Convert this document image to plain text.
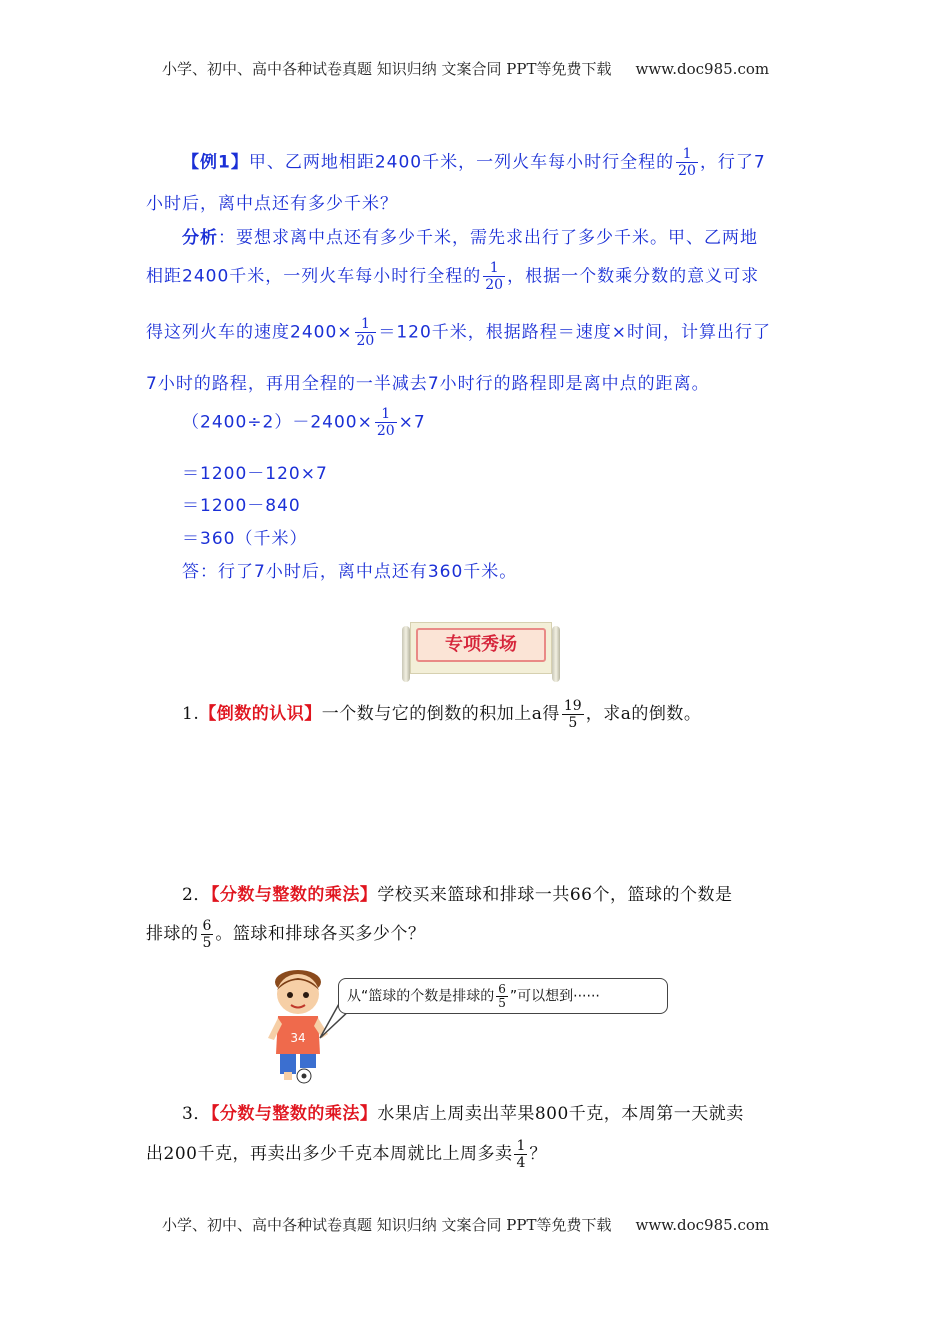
小学、初中、高中各种试卷真题 知识归纳 文案合同 PPT等免费下载 www.doc985.com
【例1】甲、乙两地相距2400千米，一列火车每小时行全程的 $\frac{1}{20}$ ，行了7
小时后，离中点还有多少千米？
分析：要想求离中点还有多少千米，需先求出行了多少千米。甲、乙两地
相距2400千米，一列火车每小时行全程的 $\frac{1}{20}$ ，根据一个数乘分数的意义可求
得这列火车的速度$2400\times \frac{1}{20} =120$千米，根据路程＝速度×时间，计算出行了
7小时的路程，再用全程的一半减去7小时行的路程即是离中点的距离。
$(2400\div 2)-2400\times \frac{1}{20} \times 7$
＝1200－120×7
＝1200－840
＝360（千米）
答：行了7小时后，离中点还有360千米。
专项秀场
1.【倒数的认识】一个数与它的倒数的积加上a得 $\frac{19}{5}$ ，求a的倒数。
2．【分数与整数的乘法】学校买来篮球和排球一共66个，篮球的个数是
排球的 $\frac{6}{5}$ 。篮球和排球各买多少个？
34
从“篮球的个数是排球的 $\frac{6}{5}$ ”可以想到······
3．【分数与整数的乘法】水果店上周卖出苹果800千克，本周第一天就卖
出200千克，再卖出多少千克本周就比上周多卖 $\frac{1}{4}$ ？
小学、初中、高中各种试卷真题 知识归纳 文案合同 PPT等免费下载 www.doc985.com
